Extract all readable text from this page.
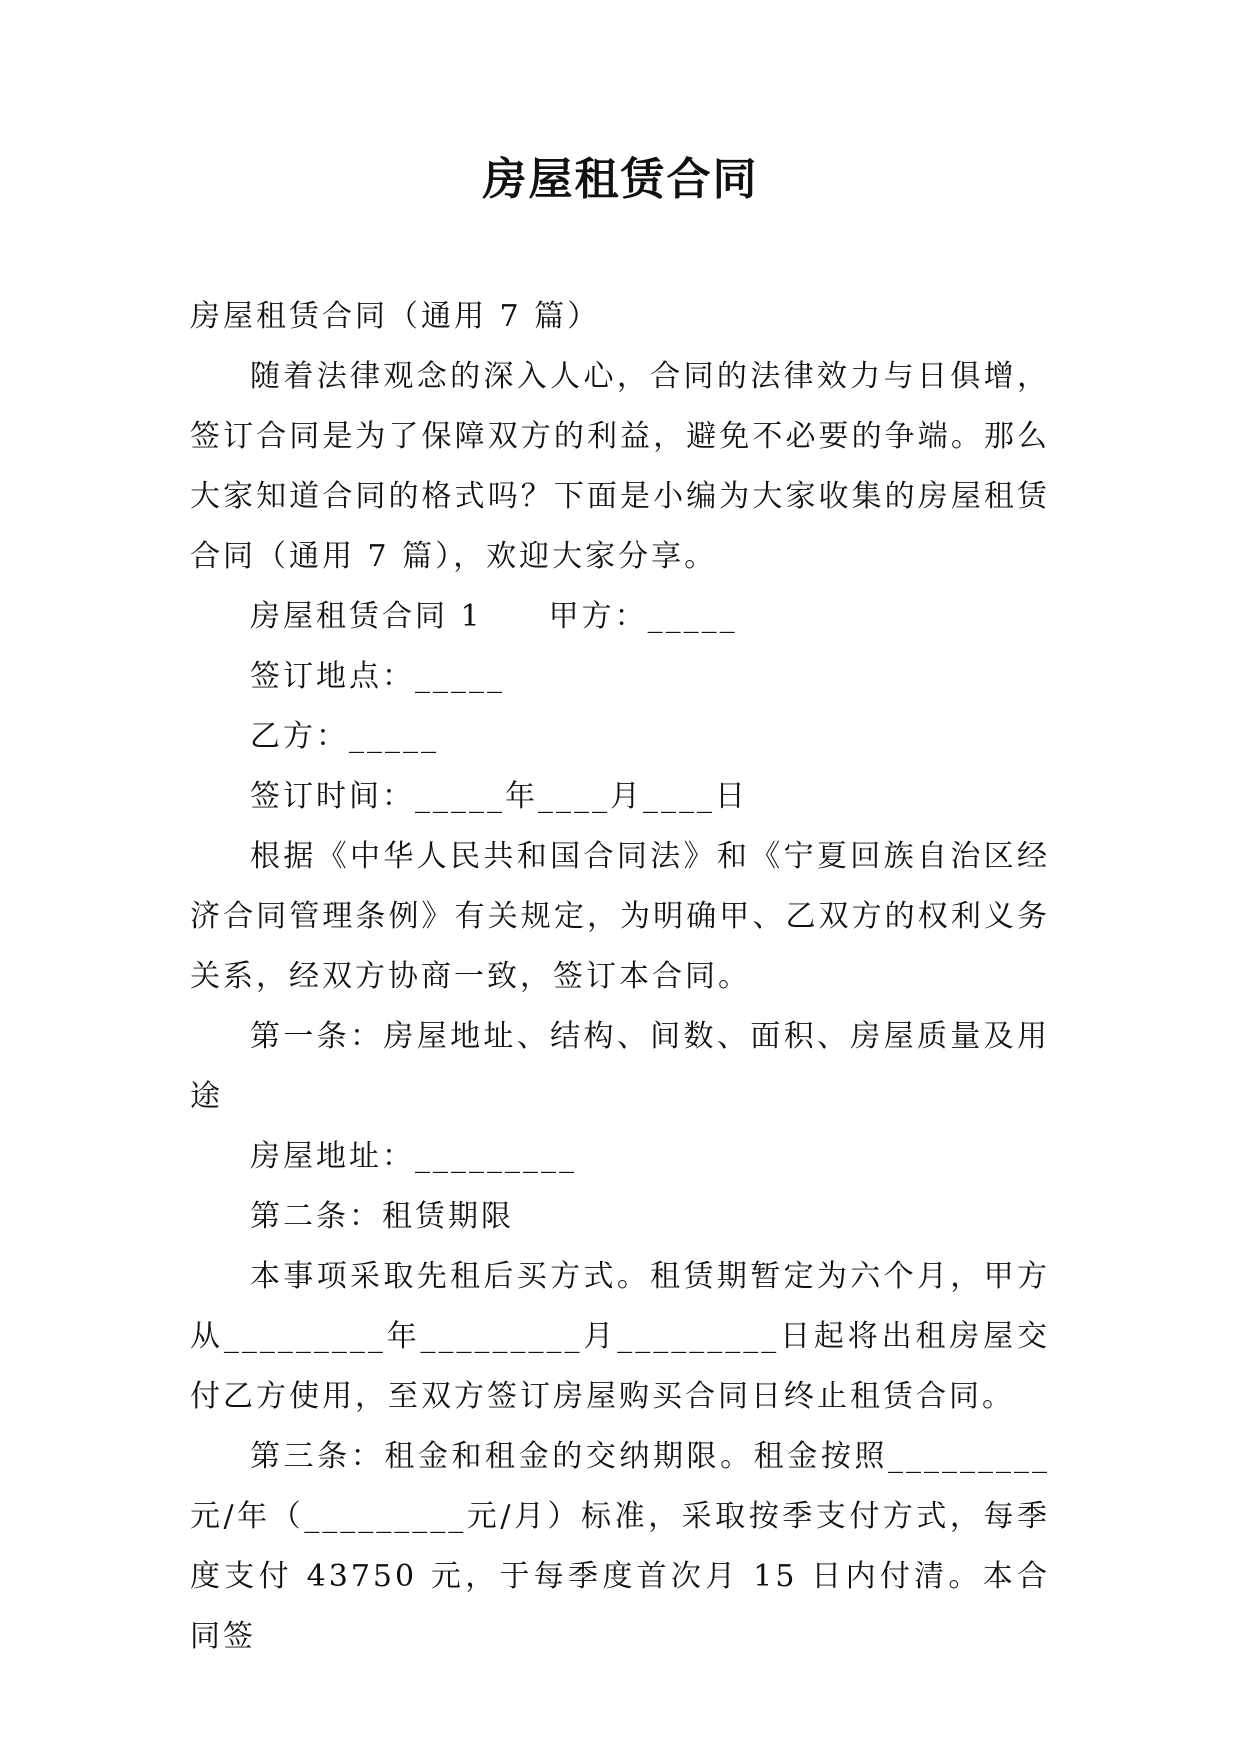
房屋租赁合同

房屋租赁合同（通用 7 篇）

随着法律观念的深入人心，合同的法律效力与日俱增，签订合同是为了保障双方的利益，避免不必要的争端。那么大家知道合同的格式吗？下面是小编为大家收集的房屋租赁合同（通用 7 篇），欢迎大家分享。

房屋租赁合同 1　　甲方：_____

签订地点：_____

乙方：_____

签订时间：_____年____月____日

根据《中华人民共和国合同法》和《宁夏回族自治区经济合同管理条例》有关规定，为明确甲、乙双方的权利义务关系，经双方协商一致，签订本合同。

第一条：房屋地址、结构、间数、面积、房屋质量及用途

房屋地址：_________

第二条：租赁期限

本事项采取先租后买方式。租赁期暂定为六个月，甲方从_________年_________月_________日起将出租房屋交付乙方使用，至双方签订房屋购买合同日终止租赁合同。

第三条：租金和租金的交纳期限。租金按照_________元/年（_________元/月）标准，采取按季支付方式，每季度支付 43750 元，于每季度首次月 15 日内付清。本合同签
